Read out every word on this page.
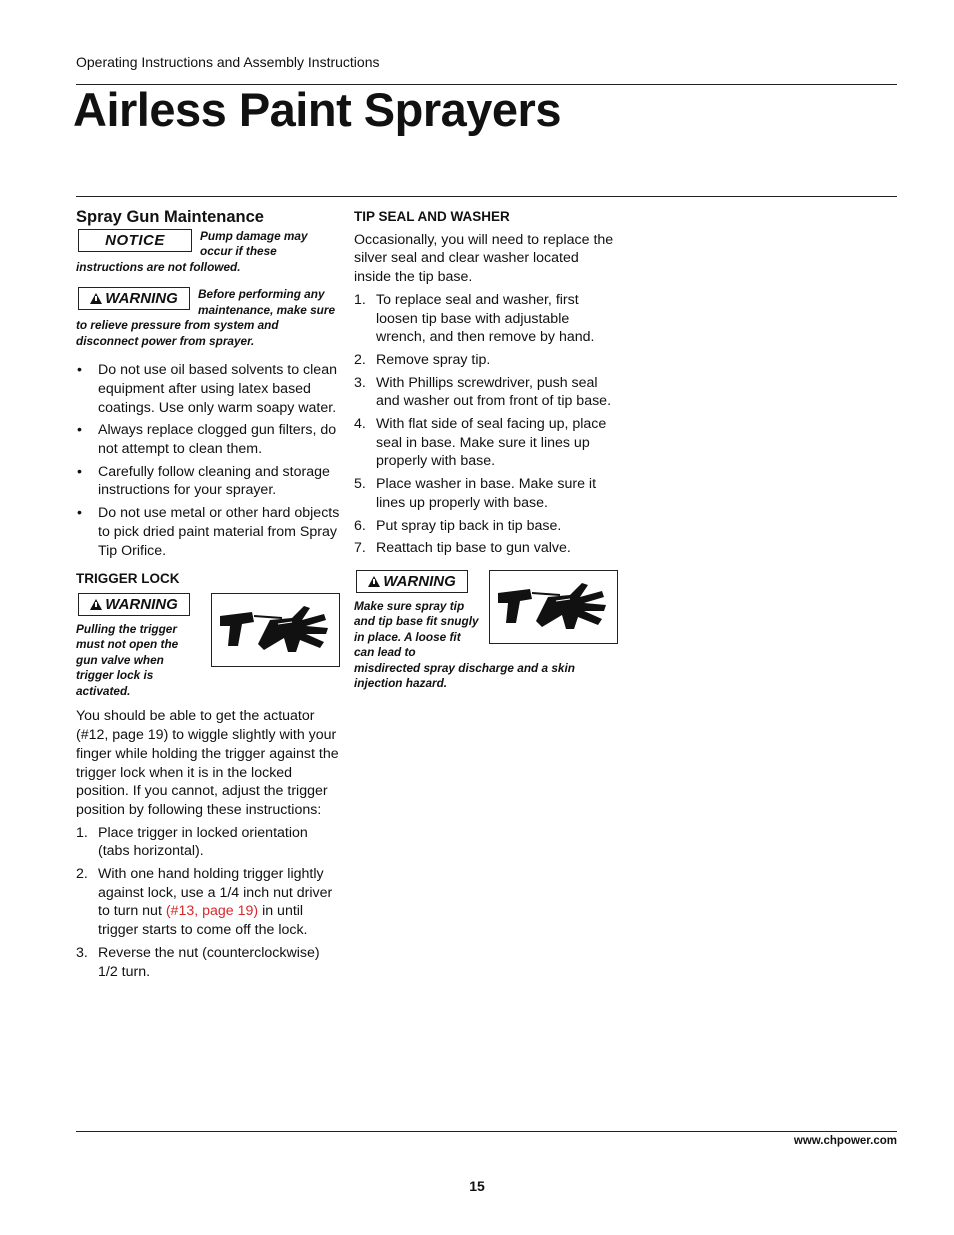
Operating Instructions and Assembly Instructions
Airless Paint Sprayers
Spray Gun Maintenance
NOTICE	Pump damage may occur if these instructions are not followed.
WARNING	Before performing any maintenance, make sure to relieve pressure from system and disconnect power from sprayer.
• Do not use oil based solvents to clean equipment after using latex based coatings. Use only warm soapy water.
• Always replace clogged gun filters, do not attempt to clean them.
• Carefully follow cleaning and storage instructions for your sprayer.
• Do not use metal or other hard objects to pick dried paint material from Spray Tip Orifice.
TRIGGER LOCK
WARNING
Pulling the trigger must not open the gun valve when trigger lock is activated.
You should be able to get the actuator (#12, page 19) to wiggle slightly with your finger while holding the trigger against the trigger lock when it is in the locked position. If you cannot, adjust the trigger position by following these instructions:
1. Place trigger in locked orientation (tabs horizontal).
2. With one hand holding trigger lightly against lock, use a 1/4 inch nut driver to turn nut (#13, page 19) in until trigger starts to come off the lock.
3. Reverse the nut (counterclockwise) 1/2 turn.
TIP SEAL AND WASHER
Occasionally, you will need to replace the silver seal and clear washer located inside the tip base.
1. To replace seal and washer, first loosen tip base with adjustable wrench, and then remove by hand.
2. Remove spray tip.
3. With Phillips screwdriver, push seal and washer out from front of tip base.
4. With flat side of seal facing up, place seal in base. Make sure it lines up properly with base.
5. Place washer in base. Make sure it lines up properly with base.
6. Put spray tip back in tip base.
7. Reattach tip base to gun valve.
WARNING
Make sure spray tip and tip base fit snugly in place. A loose fit can lead to misdirected spray discharge and a skin injection hazard.
www.chpower.com
15
